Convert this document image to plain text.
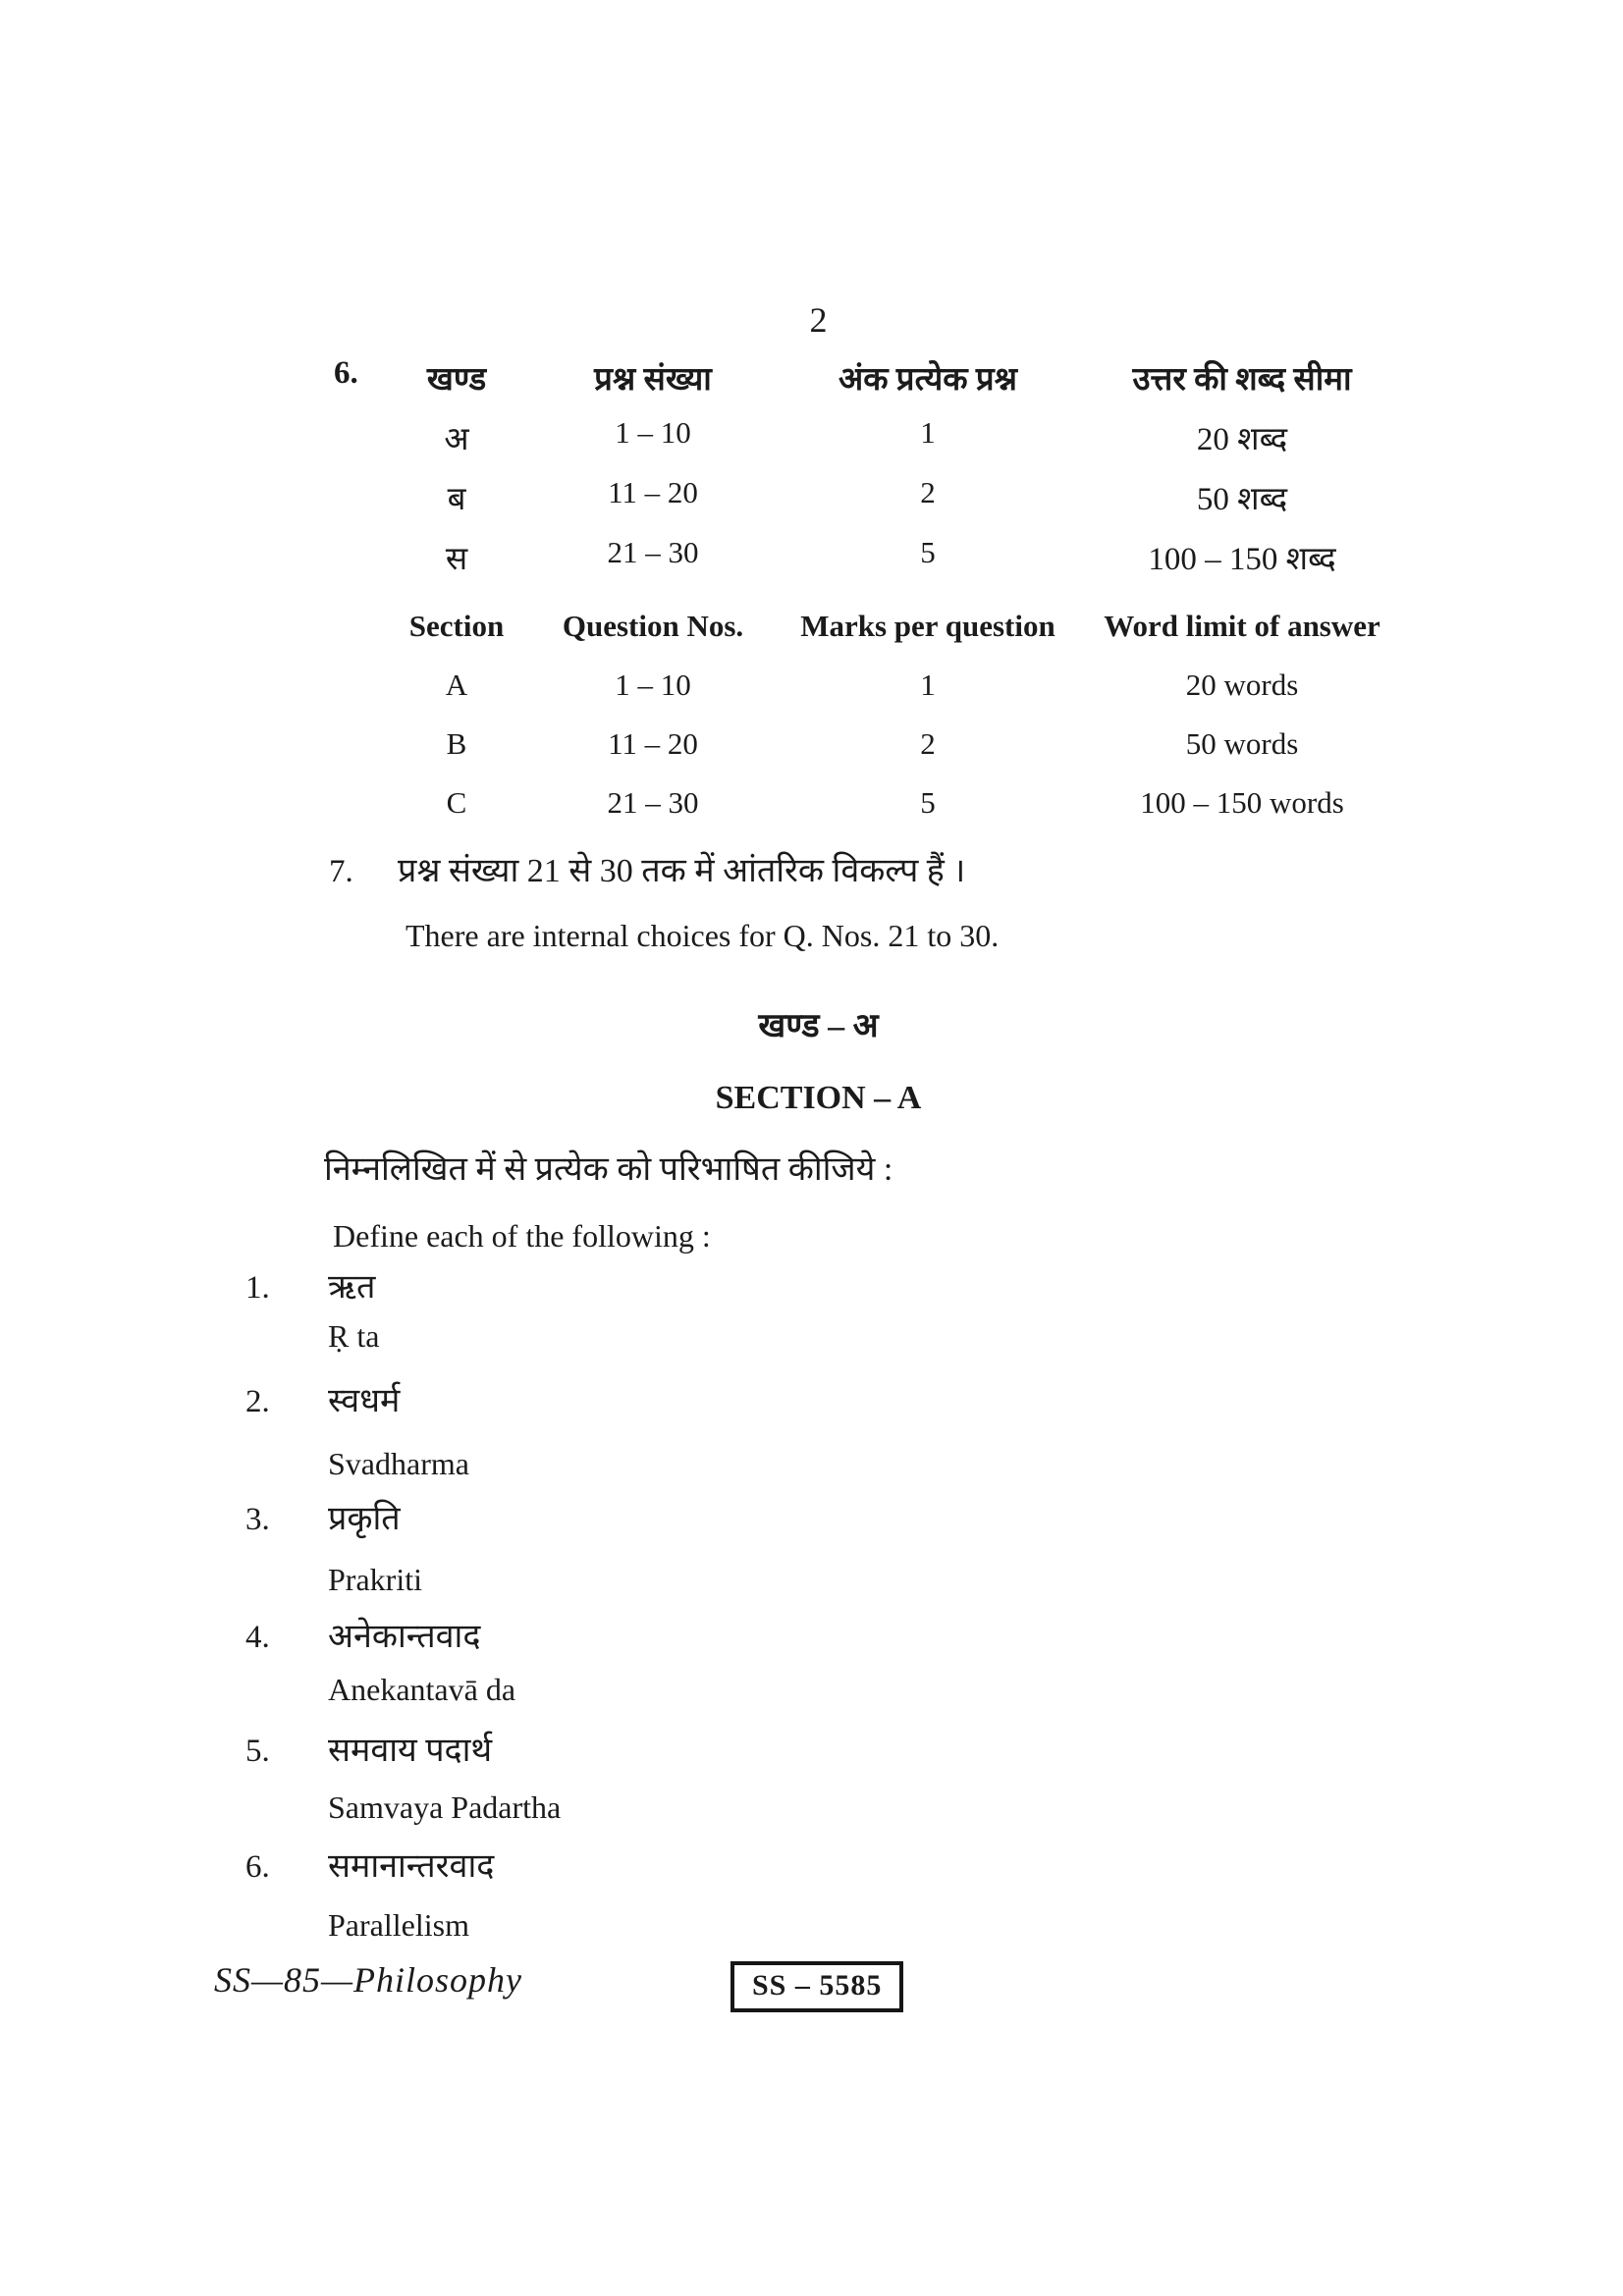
2
6.	खण्ड	प्रश्न संख्या	अंक प्रत्येक प्रश्न	उत्तर की शब्द सीमा
अ	1 – 10	1	20 शब्द
ब	11 – 20	2	50 शब्द
स	21 – 30	5	100 – 150 शब्द
Section	Question Nos.	Marks per question	Word limit of answer
A	1 – 10	1	20 words
B	11 – 20	2	50 words
C	21 – 30	5	100 – 150 words
7. प्रश्न संख्या 21 से 30 तक में आंतरिक विकल्प हैं ।
There are internal choices for Q. Nos. 21 to 30.
खण्ड – अ
SECTION – A
निम्नलिखित में से प्रत्येक को परिभाषित कीजिये :
Define each of the following :
1. ऋत
Ṛ ta
2. स्वधर्म
Svadharma
3. प्रकृति
Prakriti
4. अनेकान्तवाद
Anekantavā da
5. समवाय पदार्थ
Samvaya Padartha
6. समानान्तरवाद
Parallelism
SS—85—Philosophy	SS – 5585
